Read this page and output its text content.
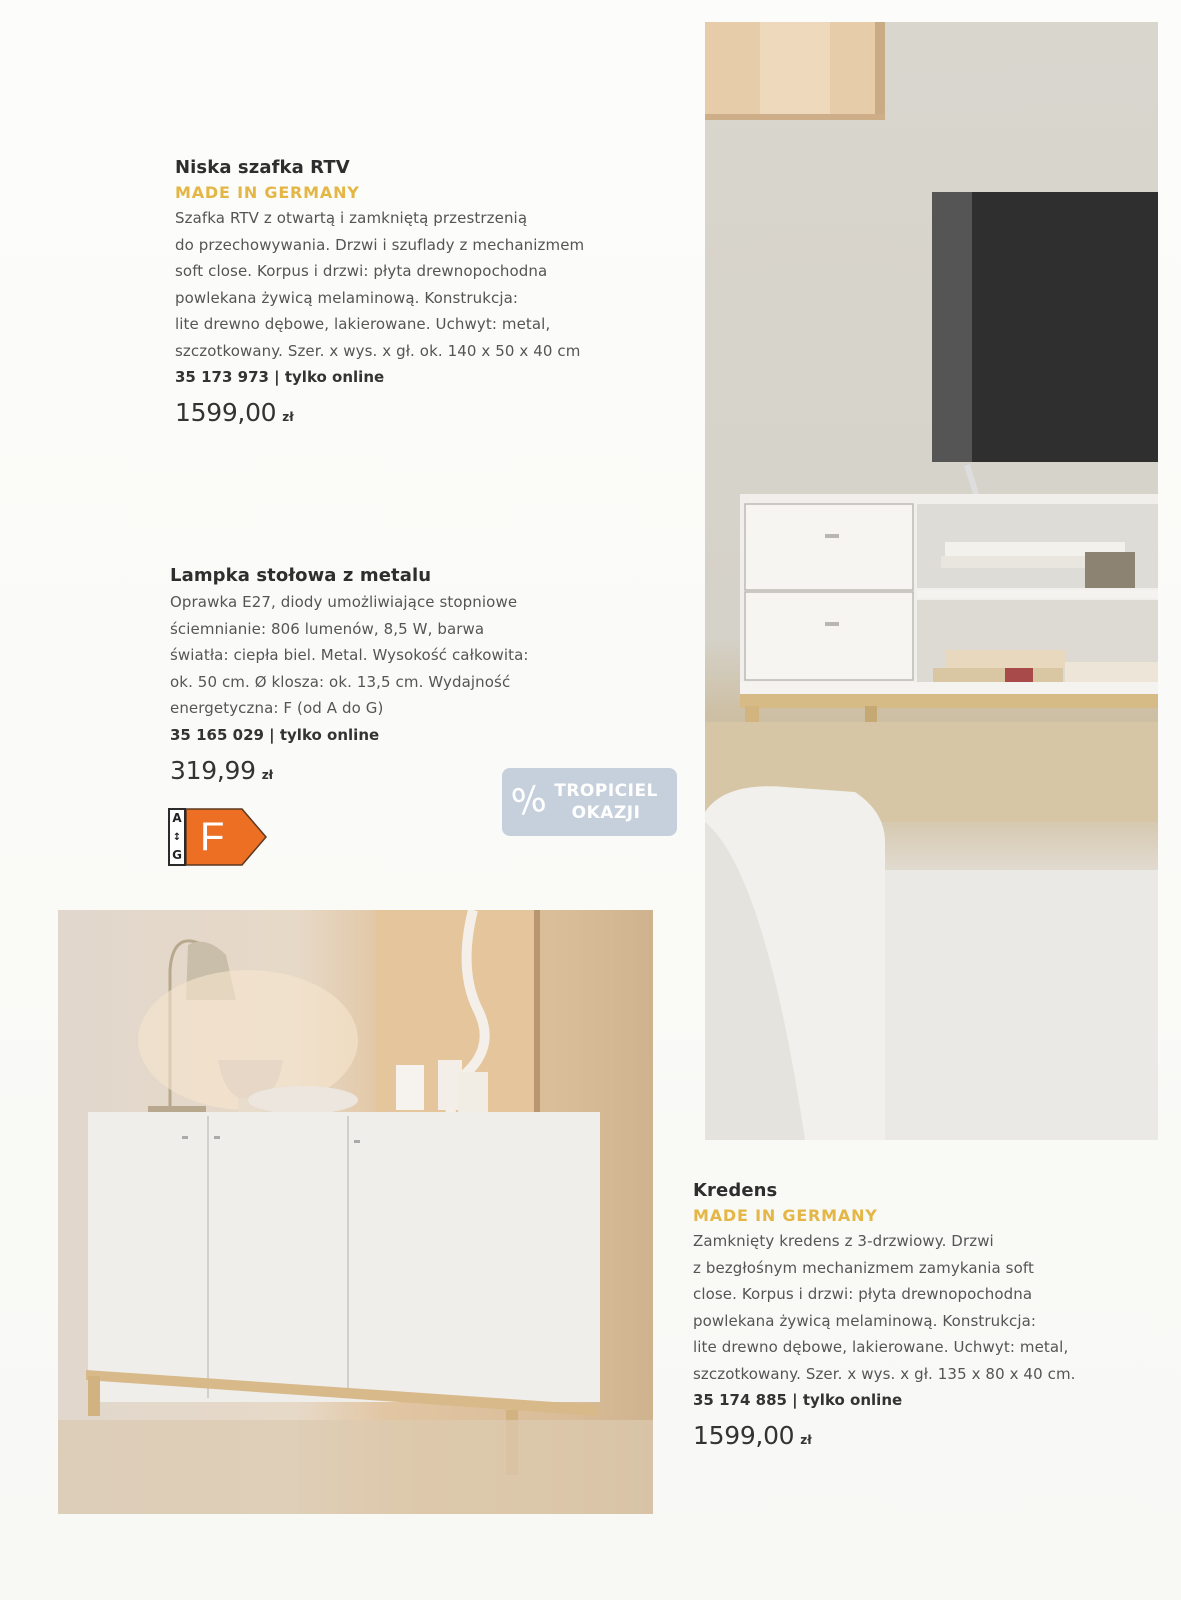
Niska szafka RTV
MADE IN GERMANY
Szafka RTV z otwartą i zamkniętą przestrzenią
do przechowywania. Drzwi i szuflady z mechanizmem
soft close. Korpus i drzwi: płyta drewnopochodna
powlekana żywicą melaminową. Konstrukcja:
lite drewno dębowe, lakierowane. Uchwyt: metal,
szczotkowany. Szer. x wys. x gł. ok. 140 x 50 x 40 cm
35 173 973 | tylko online
1599,00 zł
Lampka stołowa z metalu
Oprawka E27, diody umożliwiające stopniowe
ściemnianie: 806 lumenów, 8,5 W, barwa
światła: ciepła biel. Metal. Wysokość całkowita:
ok. 50 cm. Ø klosza: ok. 13,5 cm. Wydajność
energetyczna: F (od A do G)
35 165 029 | tylko online
319,99 zł
A
↕
G F
% TROPICIEL
OKAZJI
Kredens
MADE IN GERMANY
Zamknięty kredens z 3-drzwiowy. Drzwi
z bezgłośnym mechanizmem zamykania soft
close. Korpus i drzwi: płyta drewnopochodna
powlekana żywicą melaminową. Konstrukcja:
lite drewno dębowe, lakierowane. Uchwyt: metal,
szczotkowany. Szer. x wys. x gł. 135 x 80 x 40 cm.
35 174 885 | tylko online
1599,00 zł
